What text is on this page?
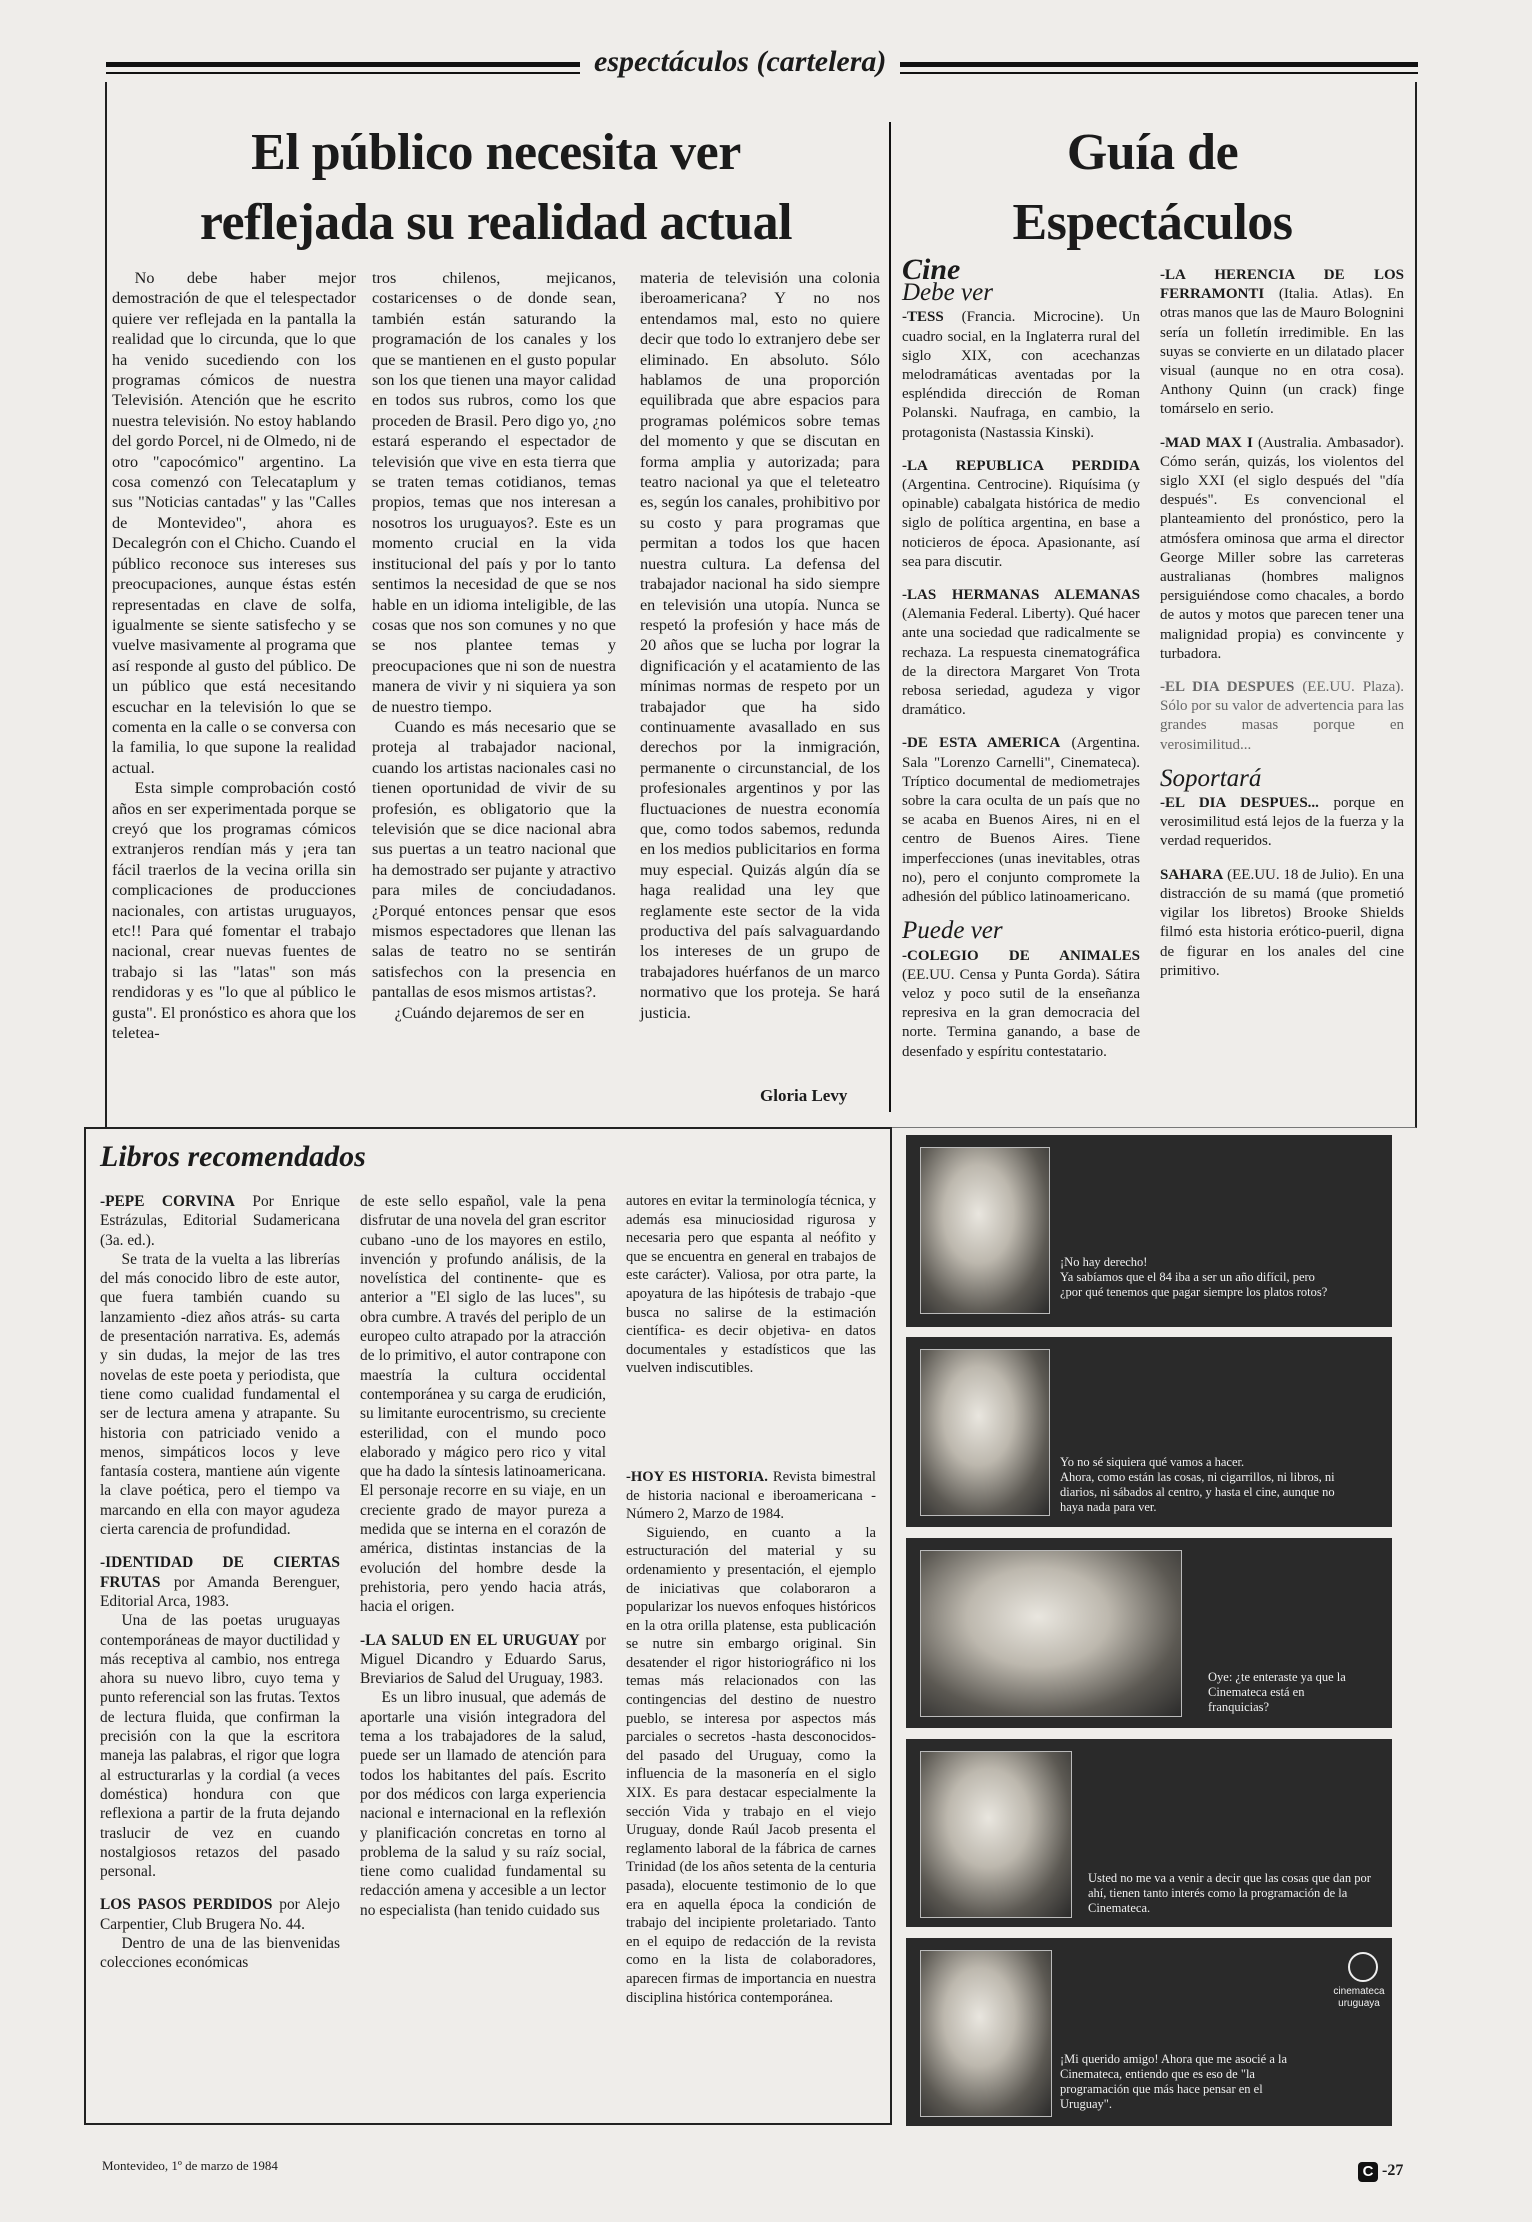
espectáculos (cartelera)
El público necesita ver
reflejada su realidad actual

No debe haber mejor demostración de que el telespectador quiere ver reflejada en la pantalla la realidad que lo circunda, que lo que ha venido sucediendo con los programas cómicos de nuestra Televisión. Atención que he escrito nuestra televisión. No estoy hablando del gordo Porcel, ni de Olmedo, ni de otro "capocómico" argentino. La cosa comenzó con Telecataplum y sus "Noticias cantadas" y las "Calles de Montevideo", ahora es Decalegrón con el Chicho. Cuando el público reconoce sus intereses sus preocupaciones, aunque éstas estén representadas en clave de solfa, igualmente se siente satisfecho y se vuelve masivamente al programa que así responde al gusto del público. De un público que está necesitando escuchar en la televisión lo que se comenta en la calle o se conversa con la familia, lo que supone la realidad actual.

Esta simple comprobación costó años en ser experimentada porque se creyó que los programas cómicos extranjeros rendían más y ¡era tan fácil traerlos de la vecina orilla sin complicaciones de producciones nacionales, con artistas uruguayos, etc!! Para qué fomentar el trabajo nacional, crear nuevas fuentes de trabajo si las "latas" son más rendidoras y es "lo que al público le gusta". El pronóstico es ahora que los teletea-

tros chilenos, mejicanos, costaricenses o de donde sean, también están saturando la programación de los canales y los que se mantienen en el gusto popular son los que tienen una mayor calidad en todos sus rubros, como los que proceden de Brasil. Pero digo yo, ¿no estará esperando el espectador de televisión que vive en esta tierra que se traten temas cotidianos, temas propios, temas que nos interesan a nosotros los uruguayos?. Este es un momento crucial en la vida institucional del país y por lo tanto sentimos la necesidad de que se nos hable en un idioma inteligible, de las cosas que nos son comunes y no que se nos plantee temas y preocupaciones que ni son de nuestra manera de vivir y ni siquiera ya son de nuestro tiempo.

Cuando es más necesario que se proteja al trabajador nacional, cuando los artistas nacionales casi no tienen oportunidad de vivir de su profesión, es obligatorio que la televisión que se dice nacional abra sus puertas a un teatro nacional que ha demostrado ser pujante y atractivo para miles de conciudadanos. ¿Porqué entonces pensar que esos mismos espectadores que llenan las salas de teatro no se sentirán satisfechos con la presencia en pantallas de esos mismos artistas?.

¿Cuándo dejaremos de ser en

materia de televisión una colonia iberoamericana? Y no nos entendamos mal, esto no quiere decir que todo lo extranjero debe ser eliminado. En absoluto. Sólo hablamos de una proporción equilibrada que abre espacios para programas polémicos sobre temas del momento y que se discutan en forma amplia y autorizada; para teatro nacional ya que el teleteatro es, según los canales, prohibitivo por su costo y para programas que permitan a todos los que hacen nuestra cultura. La defensa del trabajador nacional ha sido siempre en televisión una utopía. Nunca se respetó la profesión y hace más de 20 años que se lucha por lograr la dignificación y el acatamiento de las mínimas normas de respeto por un trabajador que ha sido continuamente avasallado en sus derechos por la inmigración, permanente o circunstancial, de los profesionales argentinos y por las fluctuaciones de nuestra economía que, como todos sabemos, redunda en los medios publicitarios en forma muy especial. Quizás algún día se haga realidad una ley que reglamente este sector de la vida productiva del país salvaguardando los intereses de un grupo de trabajadores huérfanos de un marco normativo que los proteja. Se hará justicia.

Gloria Levy
Guía de
Espectáculos
Cine
Debe ver
-TESS (Francia. Microcine). Un cuadro social, en la Inglaterra rural del siglo XIX, con acechanzas melodramáticas aventadas por la espléndida dirección de Roman Polanski. Naufraga, en cambio, la protagonista (Nastassia Kinski).
-LA REPUBLICA PERDIDA (Argentina. Centrocine). Riquísima (y opinable) cabalgata histórica de medio siglo de política argentina, en base a noticieros de época. Apasionante, así sea para discutir.
-LAS HERMANAS ALEMANAS (Alemania Federal. Liberty). Qué hacer ante una sociedad que radicalmente se rechaza. La respuesta cinematográfica de la directora Margaret Von Trota rebosa seriedad, agudeza y vigor dramático.
-DE ESTA AMERICA (Argentina. Sala "Lorenzo Carnelli", Cinemateca). Tríptico documental de mediometrajes sobre la cara oculta de un país que no se acaba en Buenos Aires, ni en el centro de Buenos Aires. Tiene imperfecciones (unas inevitables, otras no), pero el conjunto compromete la adhesión del público latinoamericano.
Puede ver
-COLEGIO DE ANIMALES (EE.UU. Censa y Punta Gorda). Sátira veloz y poco sutil de la enseñanza represiva en la gran democracia del norte. Termina ganando, a base de desenfado y espíritu contestatario.
-LA HERENCIA DE LOS FERRAMONTI (Italia. Atlas). En otras manos que las de Mauro Bolognini sería un folletín irredimible. En las suyas se convierte en un dilatado placer visual (aunque no en otra cosa). Anthony Quinn (un crack) finge tomárselo en serio.
-MAD MAX I (Australia. Ambasador). Cómo serán, quizás, los violentos del siglo XXI (el siglo después del "día después". Es convencional el planteamiento del pronóstico, pero la atmósfera ominosa que arma el director George Miller sobre las carreteras australianas (hombres malignos persiguiéndose como chacales, a bordo de autos y motos que parecen tener una malignidad propia) es convincente y turbadora.
-EL DIA DESPUES (EE.UU. Plaza). Sólo por su valor de advertencia para las grandes masas porque en verosimilitud...
Soportará
-EL DIA DESPUES... porque en verosimilitud está lejos de la fuerza y la verdad requeridos.
SAHARA (EE.UU. 18 de Julio). En una distracción de su mamá (que prometió vigilar los libretos) Brooke Shields filmó esta historia erótico-pueril, digna de figurar en los anales del cine primitivo.
Libros recomendados
-PEPE CORVINA Por Enrique Estrázulas, Editorial Sudamericana (3a. ed.).

Se trata de la vuelta a las librerías del más conocido libro de este autor, que fuera también cuando su lanzamiento -diez años atrás- su carta de presentación narrativa. Es, además y sin dudas, la mejor de las tres novelas de este poeta y periodista, que tiene como cualidad fundamental el ser de lectura amena y atrapante. Su historia con patriciado venido a menos, simpáticos locos y leve fantasía costera, mantiene aún vigente la clave poética, pero el tiempo va marcando en ella con mayor agudeza cierta carencia de profundidad.

-IDENTIDAD DE CIERTAS FRUTAS por Amanda Berenguer, Editorial Arca, 1983.

Una de las poetas uruguayas contemporáneas de mayor ductilidad y más receptiva al cambio, nos entrega ahora su nuevo libro, cuyo tema y punto referencial son las frutas. Textos de lectura fluida, que confirman la precisión con la que la escritora maneja las palabras, el rigor que logra al estructurarlas y la cordial (a veces doméstica) hondura con que reflexiona a partir de la fruta dejando traslucir de vez en cuando nostalgiosos retazos del pasado personal.

LOS PASOS PERDIDOS por Alejo Carpentier, Club Brugera No. 44.

Dentro de una de las bienvenidas colecciones económicas

de este sello español, vale la pena disfrutar de una novela del gran escritor cubano -uno de los mayores en estilo, invención y profundo análisis, de la novelística del continente- que es anterior a "El siglo de las luces", su obra cumbre. A través del periplo de un europeo culto atrapado por la atracción de lo primitivo, el autor contrapone con maestría la cultura occidental contemporánea y su carga de erudición, su limitante eurocentrismo, su creciente esterilidad, con el mundo poco elaborado y mágico pero rico y vital que ha dado la síntesis latinoamericana. El personaje recorre en su viaje, en un creciente grado de mayor pureza a medida que se interna en el corazón de américa, distintas instancias de la evolución del hombre desde la prehistoria, pero yendo hacia atrás, hacia el origen.

-LA SALUD EN EL URUGUAY por Miguel Dicandro y Eduardo Sarus, Breviarios de Salud del Uruguay, 1983.

Es un libro inusual, que además de aportarle una visión integradora del tema a los trabajadores de la salud, puede ser un llamado de atención para todos los habitantes del país. Escrito por dos médicos con larga experiencia nacional e internacional en la reflexión y planificación concretas en torno al problema de la salud y su raíz social, tiene como cualidad fundamental su redacción amena y accesible a un lector no especialista (han tenido cuidado sus

autores en evitar la terminología técnica, y además esa minuciosidad rigurosa y necesaria pero que espanta al neófito y que se encuentra en general en trabajos de este carácter). Valiosa, por otra parte, la apoyatura de las hipótesis de trabajo -que busca no salirse de la estimación científica- es decir objetiva- en datos documentales y estadísticos que las vuelven indiscutibles.

-HOY ES HISTORIA. Revista bimestral de historia nacional e iberoamericana - Número 2, Marzo de 1984.

Siguiendo, en cuanto a la estructuración del material y su ordenamiento y presentación, el ejemplo de iniciativas que colaboraron a popularizar los nuevos enfoques históricos en la otra orilla platense, esta publicación se nutre sin embargo original. Sin desatender el rigor historiográfico ni los temas más relacionados con las contingencias del destino de nuestro pueblo, se interesa por aspectos más parciales o secretos -hasta desconocidos- del pasado del Uruguay, como la influencia de la masonería en el siglo XIX. Es para destacar especialmente la sección Vida y trabajo en el viejo Uruguay, donde Raúl Jacob presenta el reglamento laboral de la fábrica de carnes Trinidad (de los años setenta de la centuria pasada), elocuente testimonio de lo que era en aquella época la condición de trabajo del incipiente proletariado. Tanto en el equipo de redacción de la revista como en la lista de colaboradores, aparecen firmas de importancia en nuestra disciplina histórica contemporánea.

¡No hay derecho!
Ya sabíamos que el 84 iba a ser un año difícil, pero ¿por qué tenemos que pagar siempre los platos rotos?
Yo no sé siquiera qué vamos a hacer.
Ahora, como están las cosas, ni cigarrillos, ni libros, ni diarios, ni sábados al centro, y hasta el cine, aunque no haya nada para ver.
Oye: ¿te enteraste ya que la Cinemateca está en franquicias?
Usted no me va a venir a decir que las cosas que dan por ahí, tienen tanto interés como la programación de la Cinemateca.
cinemateca uruguaya
¡Mi querido amigo! Ahora que me asocié a la Cinemateca, entiendo que es eso de "la programación que más hace pensar en el Uruguay".
Montevideo, 1º de marzo de 1984	C -27
